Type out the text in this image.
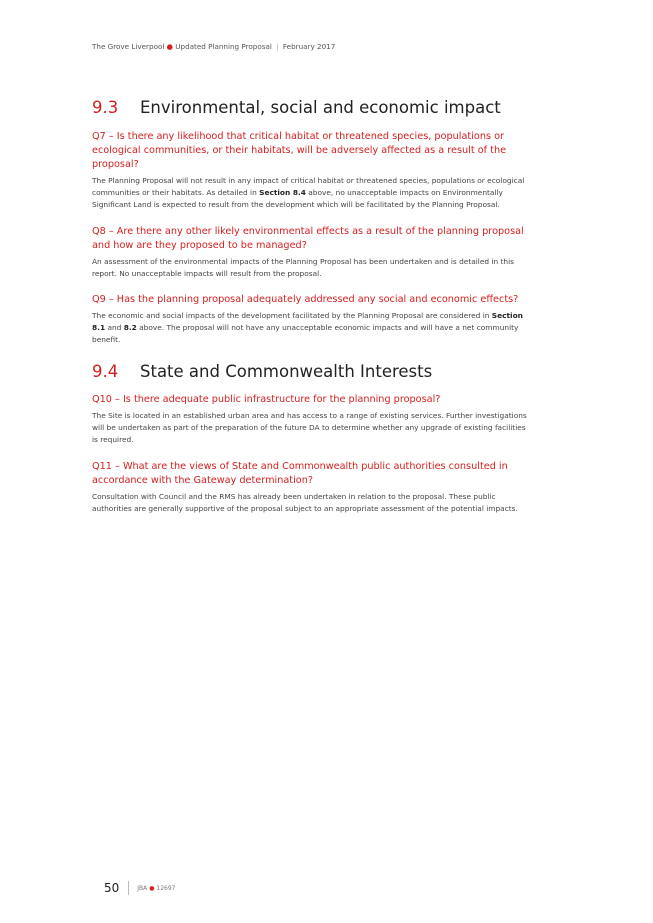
The Grove Liverpool ● Updated Planning Proposal | February 2017
9.3	Environmental, social and economic impact

Q7 – Is there any likelihood that critical habitat or threatened species, populations or ecological communities, or their habitats, will be adversely affected as a result of the proposal?

The Planning Proposal will not result in any impact of critical habitat or threatened species, populations or ecological communities or their habitats. As detailed in Section 8.4 above, no unacceptable impacts on Environmentally Significant Land is expected to result from the development which will be facilitated by the Planning Proposal.

Q8 – Are there any other likely environmental effects as a result of the planning proposal and how are they proposed to be managed?

An assessment of the environmental impacts of the Planning Proposal has been undertaken and is detailed in this report. No unacceptable impacts will result from the proposal.

Q9 – Has the planning proposal adequately addressed any social and economic effects?

The economic and social impacts of the development facilitated by the Planning Proposal are considered in Section 8.1 and 8.2 above. The proposal will not have any unacceptable economic impacts and will have a net community benefit.

9.4	State and Commonwealth Interests

Q10 – Is there adequate public infrastructure for the planning proposal?

The Site is located in an established urban area and has access to a range of existing services. Further investigations will be undertaken as part of the preparation of the future DA to determine whether any upgrade of existing facilities is required.

Q11 – What are the views of State and Commonwealth public authorities consulted in accordance with the Gateway determination?

Consultation with Council and the RMS has already been undertaken in relation to the proposal. These public authorities are generally supportive of the proposal subject to an appropriate assessment of the potential impacts.

50	JBA ● 12697
